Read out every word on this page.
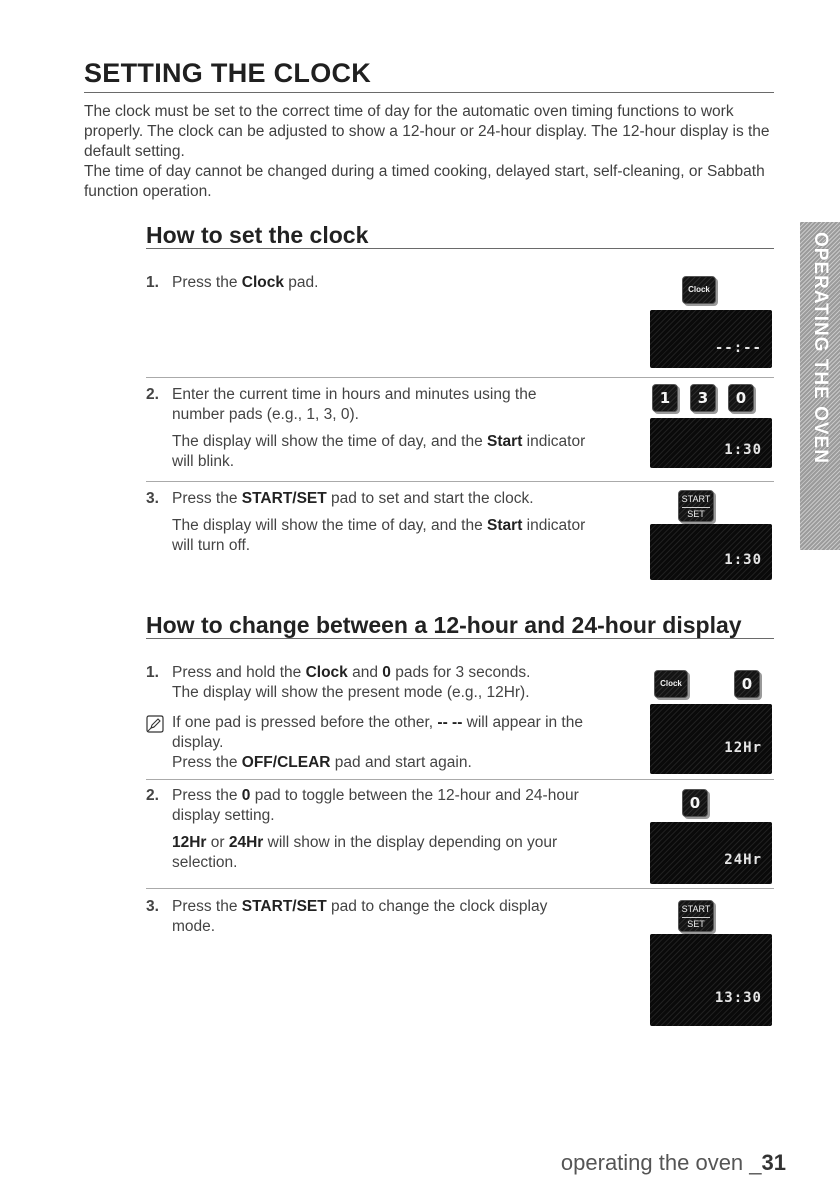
SETTING THE CLOCK

The clock must be set to the correct time of day for the automatic oven timing functions to work properly. The clock can be adjusted to show a 12-hour or 24-hour display. The 12-hour display is the default setting.

The time of day cannot be changed during a timed cooking, delayed start, self-cleaning, or Sabbath function operation.

How to set the clock
1. Press the Clock pad.	Clock
--:--
2. Enter the current time in hours and minutes using the number pads (e.g., 1, 3, 0).

The display will show the time of day, and the Start indicator will blink.

1	3	0
1:30
3. Press the START/SET pad to set and start the clock.

The display will show the time of day, and the Start indicator will turn off.

START
SET
1:30
How to change between a 12-hour and 24-hour display
1. Press and hold the Clock and 0 pads for 3 seconds.

The display will show the present mode (e.g., 12Hr).

If one pad is pressed before the other, -- -- will appear in the display.

Press the OFF/CLEAR pad and start again.

Clock	0
12Hr
2. Press the 0 pad to toggle between the 12-hour and 24-hour display setting.

12Hr or 24Hr will show in the display depending on your selection.

0
24Hr
3. Press the START/SET pad to change the clock display mode.

START
SET
13:30
OPERATING THE OVEN
operating the oven _31
